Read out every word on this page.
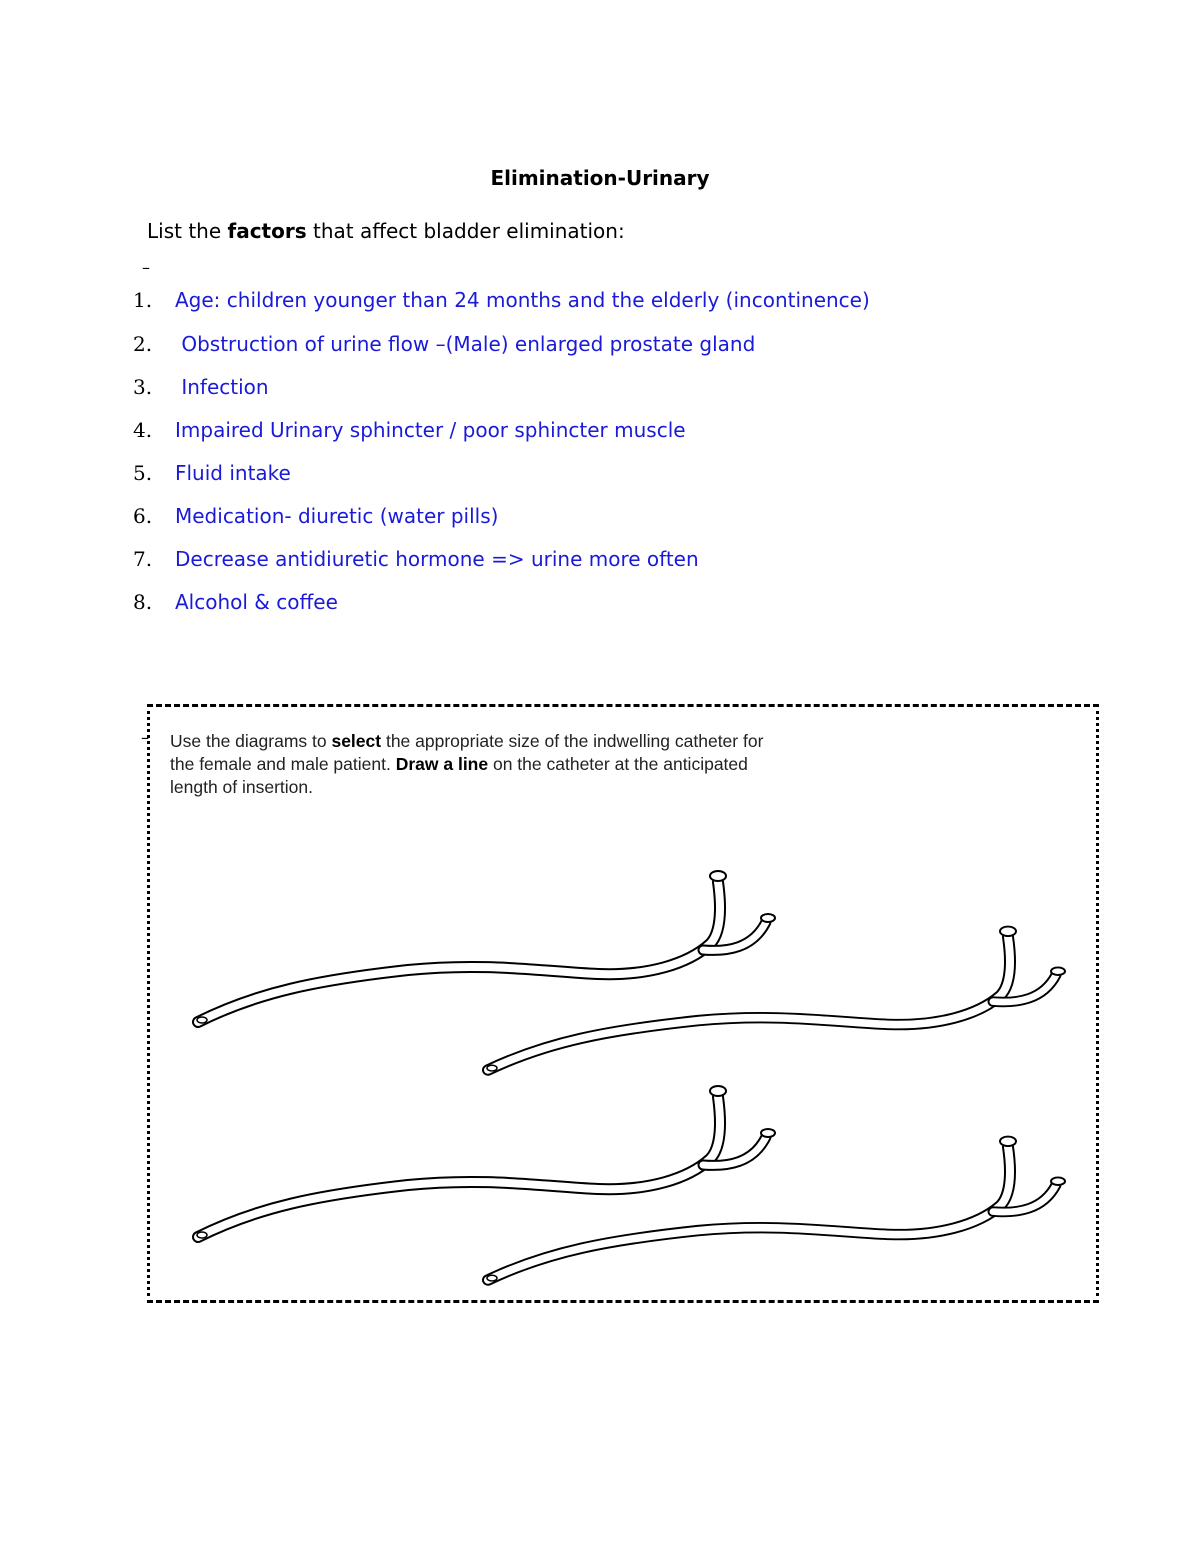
Elimination-Urinary
List the factors that affect bladder elimination:
–
1. Age: children younger than 24 months and the elderly (incontinence)
2. Obstruction of urine flow –(Male) enlarged prostate gland
3. Infection
4. Impaired Urinary sphincter / poor sphincter muscle
5. Fluid intake
6. Medication- diuretic (water pills)
7. Decrease antidiuretic hormone => urine more often
8. Alcohol & coffee
– Use the diagrams to select the appropriate size of the indwelling catheter for the female and male patient. Draw a line on the catheter at the anticipated length of insertion.
